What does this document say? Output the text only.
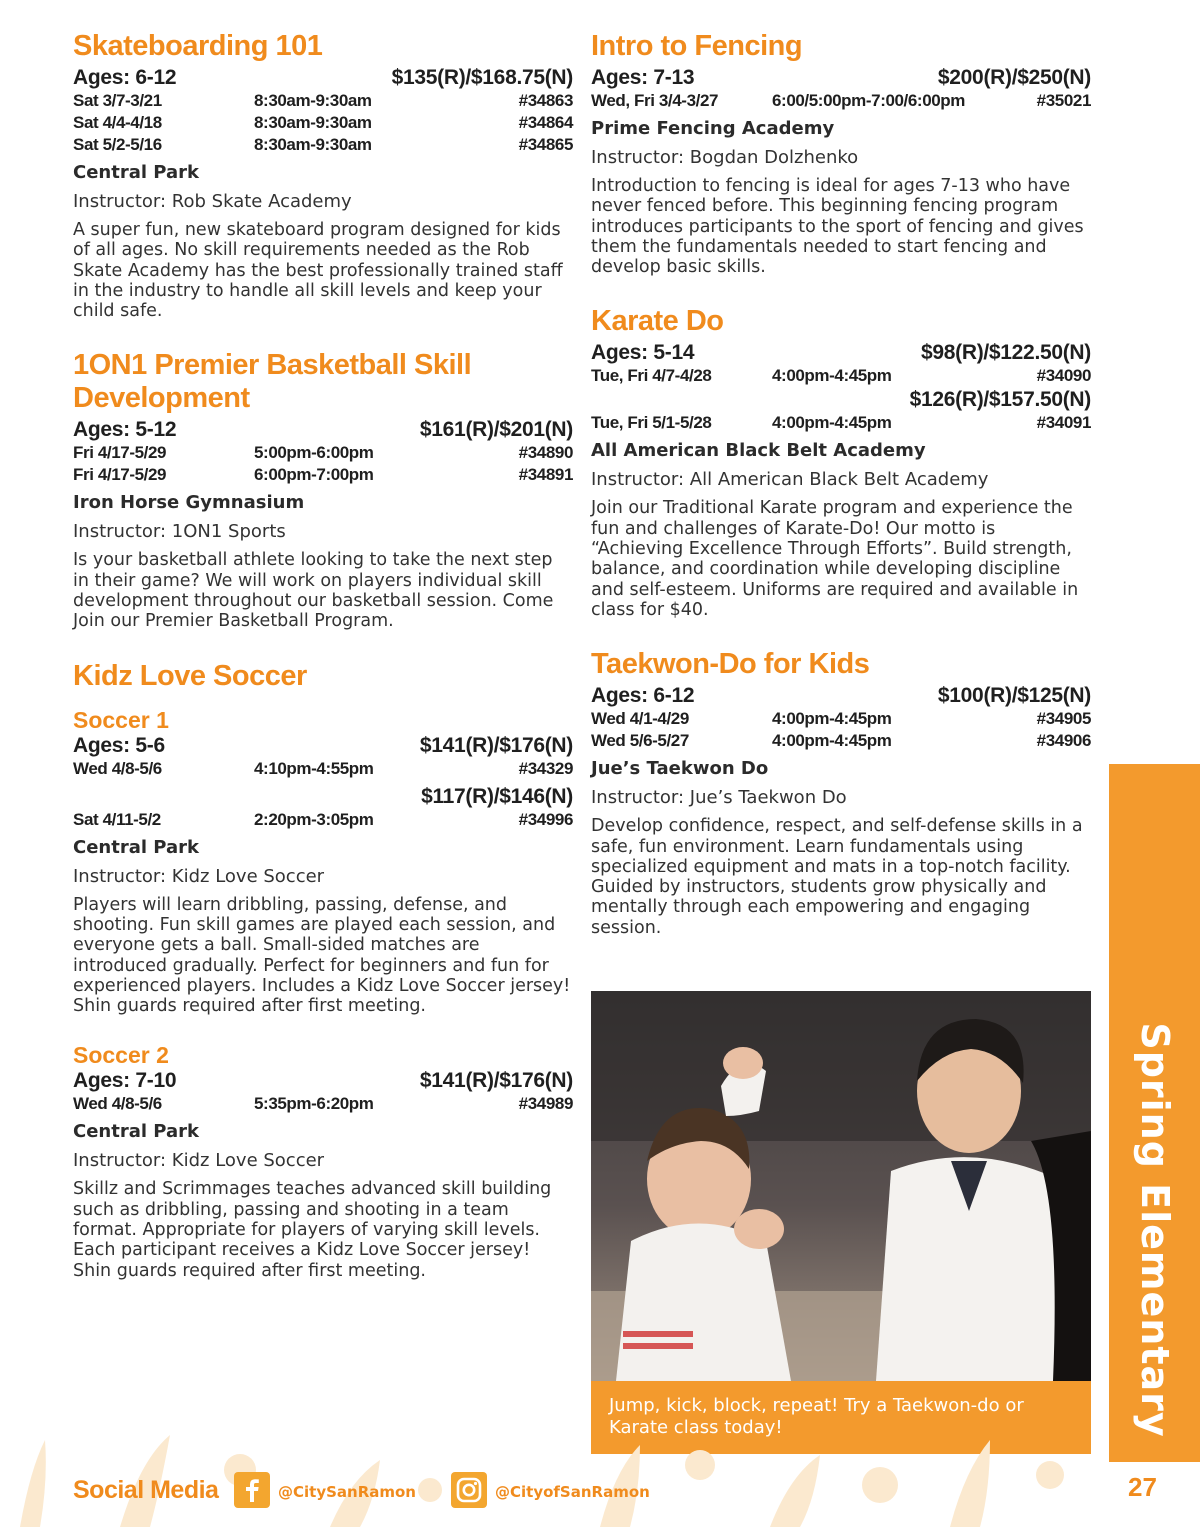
Skateboarding 101
Ages: 6-12	$135(R)/$168.75(N)
Sat 3/7-3/21	8:30am-9:30am	#34863
Sat 4/4-4/18	8:30am-9:30am	#34864
Sat 5/2-5/16	8:30am-9:30am	#34865
Central Park
Instructor: Rob Skate Academy
A super fun, new skateboard program designed for kids of all ages. No skill requirements needed as the Rob Skate Academy has the best professionally trained staff in the industry to handle all skill levels and keep your child safe.
1ON1 Premier Basketball Skill Development
Ages: 5-12	$161(R)/$201(N)
Fri 4/17-5/29	5:00pm-6:00pm	#34890
Fri 4/17-5/29	6:00pm-7:00pm	#34891
Iron Horse Gymnasium
Instructor: 1ON1 Sports
Is your basketball athlete looking to take the next step in their game? We will work on players individual skill development throughout our basketball session. Come Join our Premier Basketball Program.
Kidz Love Soccer
Soccer 1
Ages: 5-6	$141(R)/$176(N)
Wed 4/8-5/6	4:10pm-4:55pm	#34329
$117(R)/$146(N)
Sat 4/11-5/2	2:20pm-3:05pm	#34996
Central Park
Instructor: Kidz Love Soccer
Players will learn dribbling, passing, defense, and shooting. Fun skill games are played each session, and everyone gets a ball. Small-sided matches are introduced gradually. Perfect for beginners and fun for experienced players. Includes a Kidz Love Soccer jersey! Shin guards required after first meeting.
Soccer 2
Ages: 7-10	$141(R)/$176(N)
Wed 4/8-5/6	5:35pm-6:20pm	#34989
Central Park
Instructor: Kidz Love Soccer
Skillz and Scrimmages teaches advanced skill building such as dribbling, passing and shooting in a team format. Appropriate for players of varying skill levels. Each participant receives a Kidz Love Soccer jersey! Shin guards required after first meeting.
Intro to Fencing
Ages: 7-13	$200(R)/$250(N)
Wed, Fri 3/4-3/27	6:00/5:00pm-7:00/6:00pm	#35021
Prime Fencing Academy
Instructor: Bogdan Dolzhenko
Introduction to fencing is ideal for ages 7-13 who have never fenced before. This beginning fencing program introduces participants to the sport of fencing and gives them the fundamentals needed to start fencing and develop basic skills.
Karate Do
Ages: 5-14	$98(R)/$122.50(N)
Tue, Fri 4/7-4/28	4:00pm-4:45pm	#34090
$126(R)/$157.50(N)
Tue, Fri 5/1-5/28	4:00pm-4:45pm	#34091
All American Black Belt Academy
Instructor: All American Black Belt Academy
Join our Traditional Karate program and experience the fun and challenges of Karate-Do! Our motto is “Achieving Excellence Through Efforts”. Build strength, balance, and coordination while developing discipline and self-esteem. Uniforms are required and available in class for $40.
Taekwon-Do for Kids
Ages: 6-12	$100(R)/$125(N)
Wed 4/1-4/29	4:00pm-4:45pm	#34905
Wed 5/6-5/27	4:00pm-4:45pm	#34906
Jue’s Taekwon Do
Instructor: Jue’s Taekwon Do
Develop confidence, respect, and self-defense skills in a safe, fun environment. Learn fundamentals using specialized equipment and mats in a top-notch facility. Guided by instructors, students grow physically and mentally through each empowering and engaging session.
Jump, kick, block, repeat! Try a Taekwon-do or Karate class today!	Spring Elementary
27
Social Media	@CitySanRamon	@CityofSanRamon
